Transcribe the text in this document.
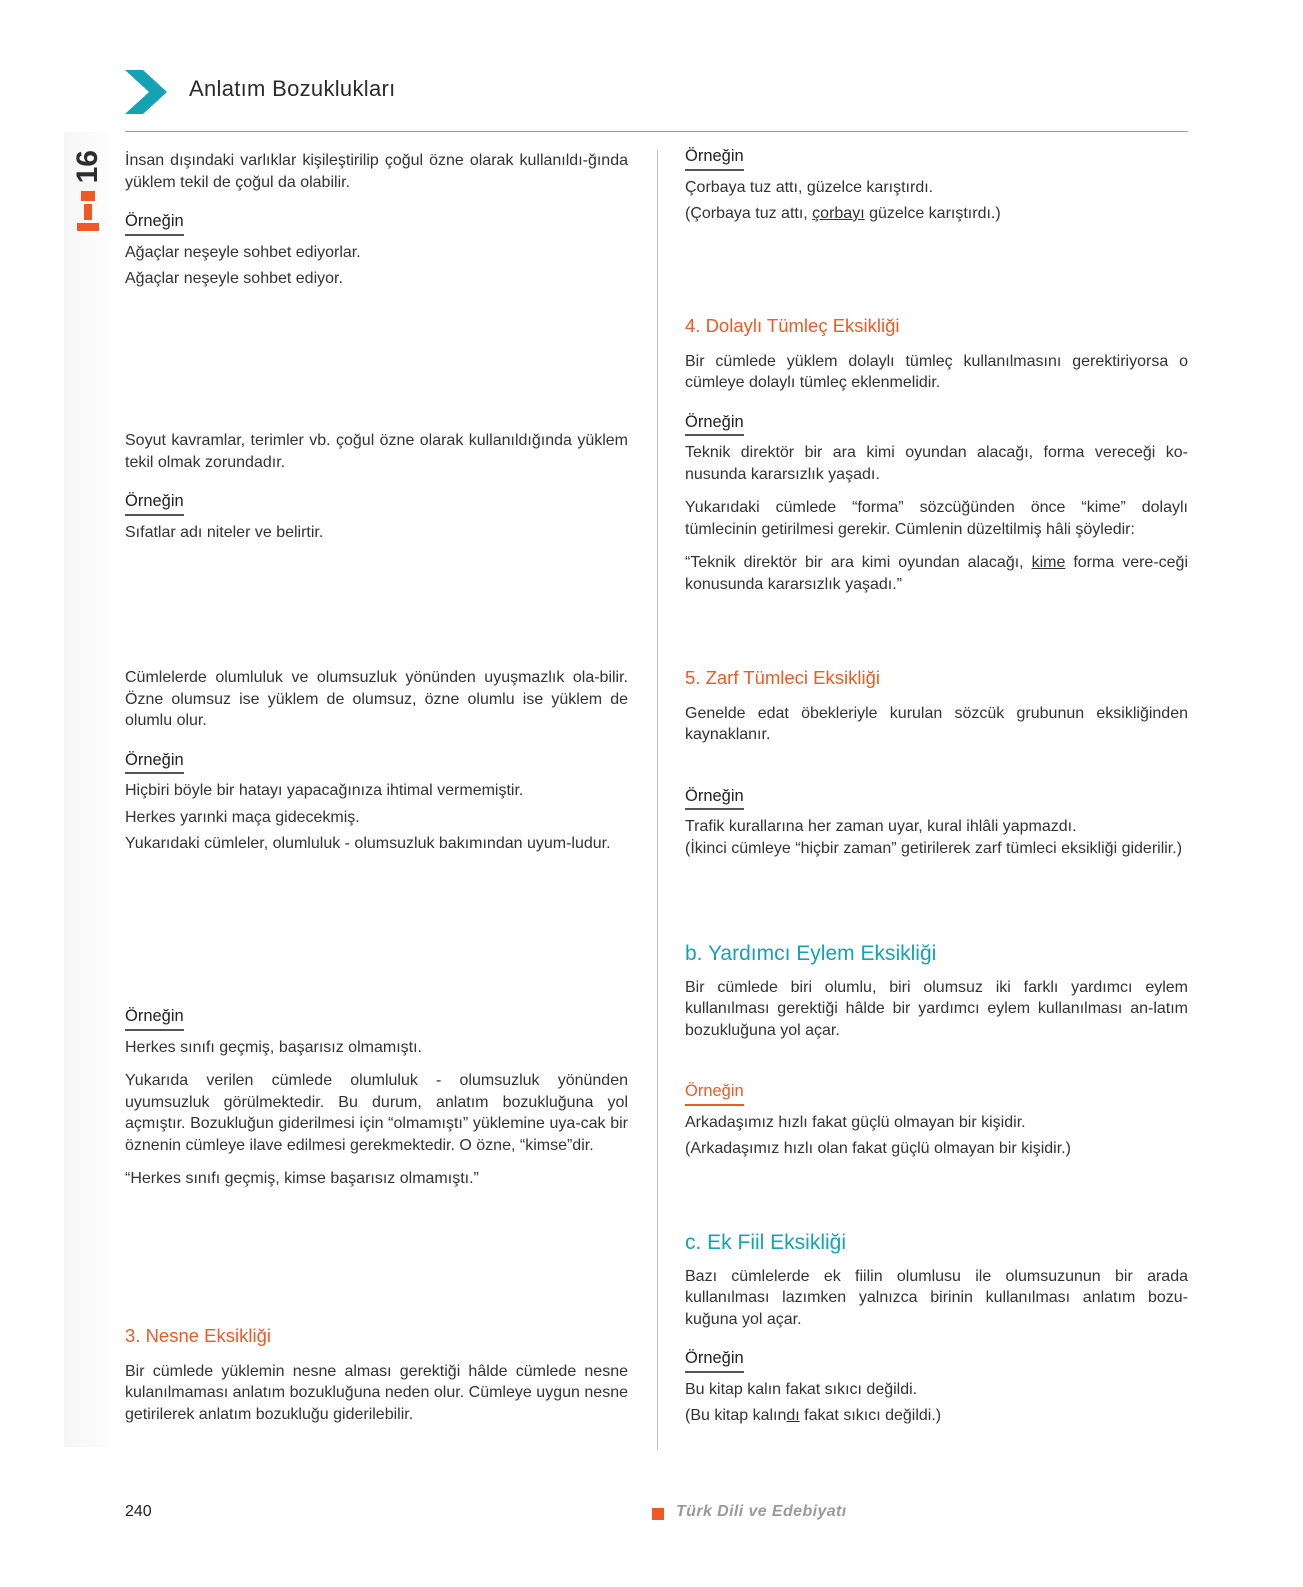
Anlatım Bozuklukları
16 İnsan dışındaki varlıklar kişileştirilip çoğul özne olarak kullanıldı-ğında yüklem tekil de çoğul da olabilir.

Örneğin

Ağaçlar neşeyle sohbet ediyorlar.

Ağaçlar neşeyle sohbet ediyor.

Soyut kavramlar, terimler vb. çoğul özne olarak kullanıldığında yüklem tekil olmak zorundadır.

Örneğin

Sıfatlar adı niteler ve belirtir.

Cümlelerde olumluluk ve olumsuzluk yönünden uyuşmazlık ola-bilir. Özne olumsuz ise yüklem de olumsuz, özne olumlu ise yüklem de olumlu olur.

Örneğin

Hiçbiri böyle bir hatayı yapacağınıza ihtimal vermemiştir.

Herkes yarınki maça gidecekmiş.

Yukarıdaki cümleler, olumluluk - olumsuzluk bakımından uyum-ludur.

Örneğin

Herkes sınıfı geçmiş, başarısız olmamıştı.

Yukarıda verilen cümlede olumluluk - olumsuzluk yönünden uyumsuzluk görülmektedir. Bu durum, anlatım bozukluğuna yol açmıştır. Bozukluğun giderilmesi için “olmamıştı” yüklemine uya-cak bir öznenin cümleye ilave edilmesi gerekmektedir. O özne, “kimse”dir.

“Herkes sınıfı geçmiş, kimse başarısız olmamıştı.”

3. Nesne Eksikliği

Bir cümlede yüklemin nesne alması gerektiği hâlde cümlede nesne kulanılmaması anlatım bozukluğuna neden olur. Cümleye uygun nesne getirilerek anlatım bozukluğu giderilebilir.

Örneğin

Çorbaya tuz attı, güzelce karıştırdı.

(Çorbaya tuz attı, çorbayı güzelce karıştırdı.)

4. Dolaylı Tümleç Eksikliği

Bir cümlede yüklem dolaylı tümleç kullanılmasını gerektiriyorsa o cümleye dolaylı tümleç eklenmelidir.

Örneğin

Teknik direktör bir ara kimi oyundan alacağı, forma vereceği ko-nusunda kararsızlık yaşadı.

Yukarıdaki cümlede “forma” sözcüğünden önce “kime” dolaylı tümlecinin getirilmesi gerekir. Cümlenin düzeltilmiş hâli şöyledir:

“Teknik direktör bir ara kimi oyundan alacağı, kime forma vere-ceği konusunda kararsızlık yaşadı.”

5. Zarf Tümleci Eksikliği

Genelde edat öbekleriyle kurulan sözcük grubunun eksikliğinden kaynaklanır.

Örneğin

Trafik kurallarına her zaman uyar, kural ihlâli yapmazdı.

(İkinci cümleye “hiçbir zaman” getirilerek zarf tümleci eksikliği giderilir.)

b. Yardımcı Eylem Eksikliği

Bir cümlede biri olumlu, biri olumsuz iki farklı yardımcı eylem kullanılması gerektiği hâlde bir yardımcı eylem kullanılması an-latım bozukluğuna yol açar.

Örneğin

Arkadaşımız hızlı fakat güçlü olmayan bir kişidir.

(Arkadaşımız hızlı olan fakat güçlü olmayan bir kişidir.)

c. Ek Fiil Eksikliği

Bazı cümlelerde ek fiilin olumlusu ile olumsuzunun bir arada kullanılması lazımken yalnızca birinin kullanılması anlatım bozu-kuğuna yol açar.

Örneğin

Bu kitap kalın fakat sıkıcı değildi.

(Bu kitap kalındı fakat sıkıcı değildi.)

240	Türk Dili ve Edebiyatı
